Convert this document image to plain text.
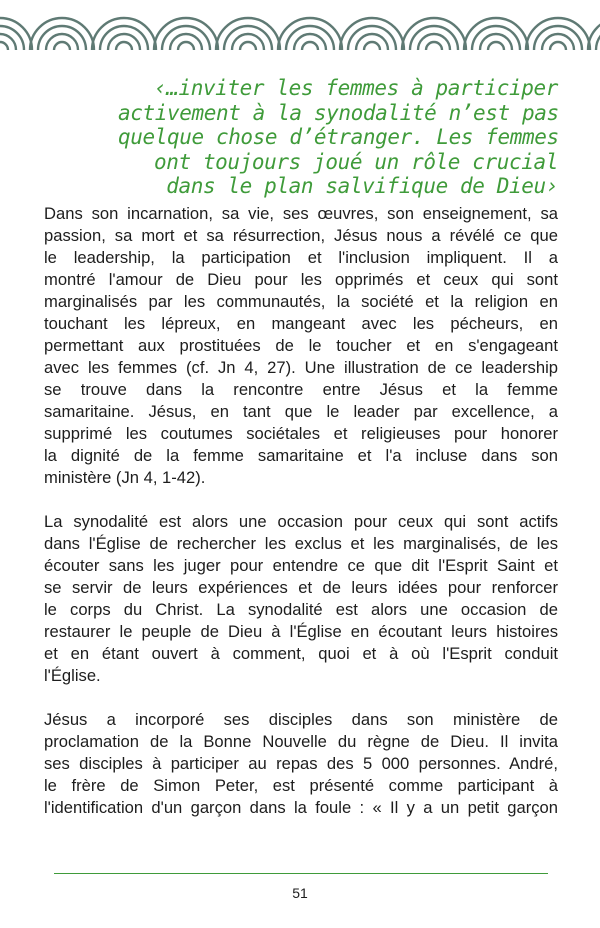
‹…inviter les femmes à participer
activement à la synodalité n’est pas
quelque chose d’étranger. Les femmes
ont toujours joué un rôle crucial
dans le plan salvifique de Dieu›
Dans son incarnation, sa vie, ses œuvres, son enseignement, sa
passion, sa mort et sa résurrection, Jésus nous a révélé ce que
le leadership, la participation et l'inclusion impliquent. Il a
montré l'amour de Dieu pour les opprimés et ceux qui sont
marginalisés par les communautés, la société et la religion en
touchant les lépreux, en mangeant avec les pécheurs, en
permettant aux prostituées de le toucher et en s'engageant
avec les femmes (cf. Jn 4, 27). Une illustration de ce leadership
se trouve dans la rencontre entre Jésus et la femme
samaritaine. Jésus, en tant que le leader par excellence, a
supprimé les coutumes sociétales et religieuses pour honorer
la dignité de la femme samaritaine et l'a incluse dans son
ministère (Jn 4, 1-42).
La synodalité est alors une occasion pour ceux qui sont actifs
dans l'Église de rechercher les exclus et les marginalisés, de les
écouter sans les juger pour entendre ce que dit l'Esprit Saint et
se servir de leurs expériences et de leurs idées pour renforcer
le corps du Christ. La synodalité est alors une occasion de
restaurer le peuple de Dieu à l'Église en écoutant leurs histoires
et en étant ouvert à comment, quoi et à où l'Esprit conduit
l'Église.
Jésus a incorporé ses disciples dans son ministère de
proclamation de la Bonne Nouvelle du règne de Dieu. Il invita
ses disciples à participer au repas des 5 000 personnes. André,
le frère de Simon Peter, est présenté comme participant à
l'identification d'un garçon dans la foule : « Il y a un petit garçon
51
